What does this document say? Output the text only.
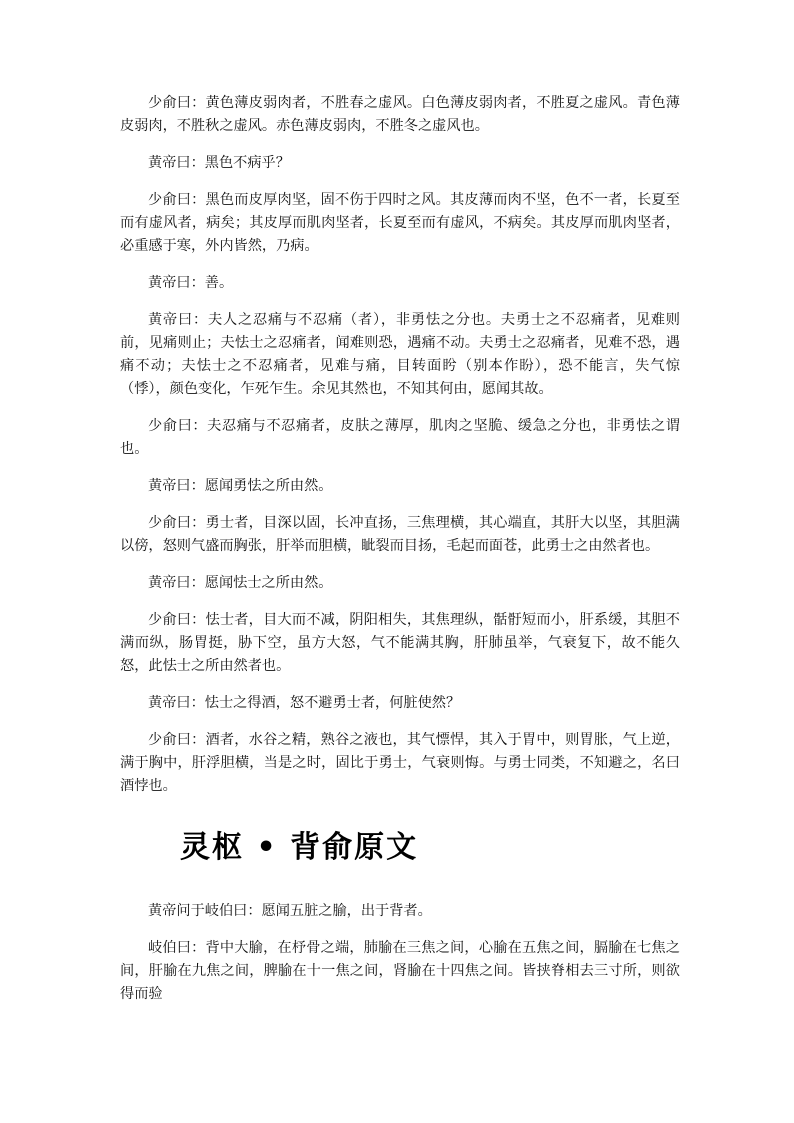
少俞曰：黄色薄皮弱肉者，不胜春之虚风。白色薄皮弱肉者，不胜夏之虚风。青色薄皮弱肉，不胜秋之虚风。赤色薄皮弱肉，不胜冬之虚风也。

黄帝曰：黑色不病乎？

少俞曰：黑色而皮厚肉坚，固不伤于四时之风。其皮薄而肉不坚，色不一者，长夏至而有虚风者，病矣；其皮厚而肌肉坚者，长夏至而有虚风，不病矣。其皮厚而肌肉坚者，必重感于寒，外内皆然，乃病。

黄帝曰：善。

黄帝曰：夫人之忍痛与不忍痛（者），非勇怯之分也。夫勇士之不忍痛者，见难则前，见痛则止；夫怯士之忍痛者，闻难则恐，遇痛不动。夫勇士之忍痛者，见难不恐，遇痛不动；夫怯士之不忍痛者，见难与痛，目转面盻（别本作盼），恐不能言，失气惊（悸），颜色变化，乍死乍生。余见其然也，不知其何由，愿闻其故。

少俞曰：夫忍痛与不忍痛者，皮肤之薄厚，肌肉之坚脆、缓急之分也，非勇怯之谓也。

黄帝曰：愿闻勇怯之所由然。

少俞曰：勇士者，目深以固，长冲直扬，三焦理横，其心端直，其肝大以坚，其胆满以傍，怒则气盛而胸张，肝举而胆横，眦裂而目扬，毛起而面苍，此勇士之由然者也。

黄帝曰：愿闻怯士之所由然。

少俞曰：怯士者，目大而不减，阴阳相失，其焦理纵，䯏骬短而小，肝系缓，其胆不满而纵，肠胃挺，胁下空，虽方大怒，气不能满其胸，肝肺虽举，气衰复下，故不能久怒，此怯士之所由然者也。

黄帝曰：怯士之得酒，怒不避勇士者，何脏使然？

少俞曰：酒者，水谷之精，熟谷之液也，其气慓悍，其入于胃中，则胃胀，气上逆，满于胸中，肝浮胆横，当是之时，固比于勇士，气衰则悔。与勇士同类，不知避之，名曰酒悖也。

灵枢 • 背俞原文

黄帝问于岐伯曰：愿闻五脏之腧，出于背者。

岐伯曰：背中大腧，在杼骨之端，肺腧在三焦之间，心腧在五焦之间，膈腧在七焦之间，肝腧在九焦之间，脾腧在十一焦之间，肾腧在十四焦之间。皆挟脊相去三寸所，则欲得而验
